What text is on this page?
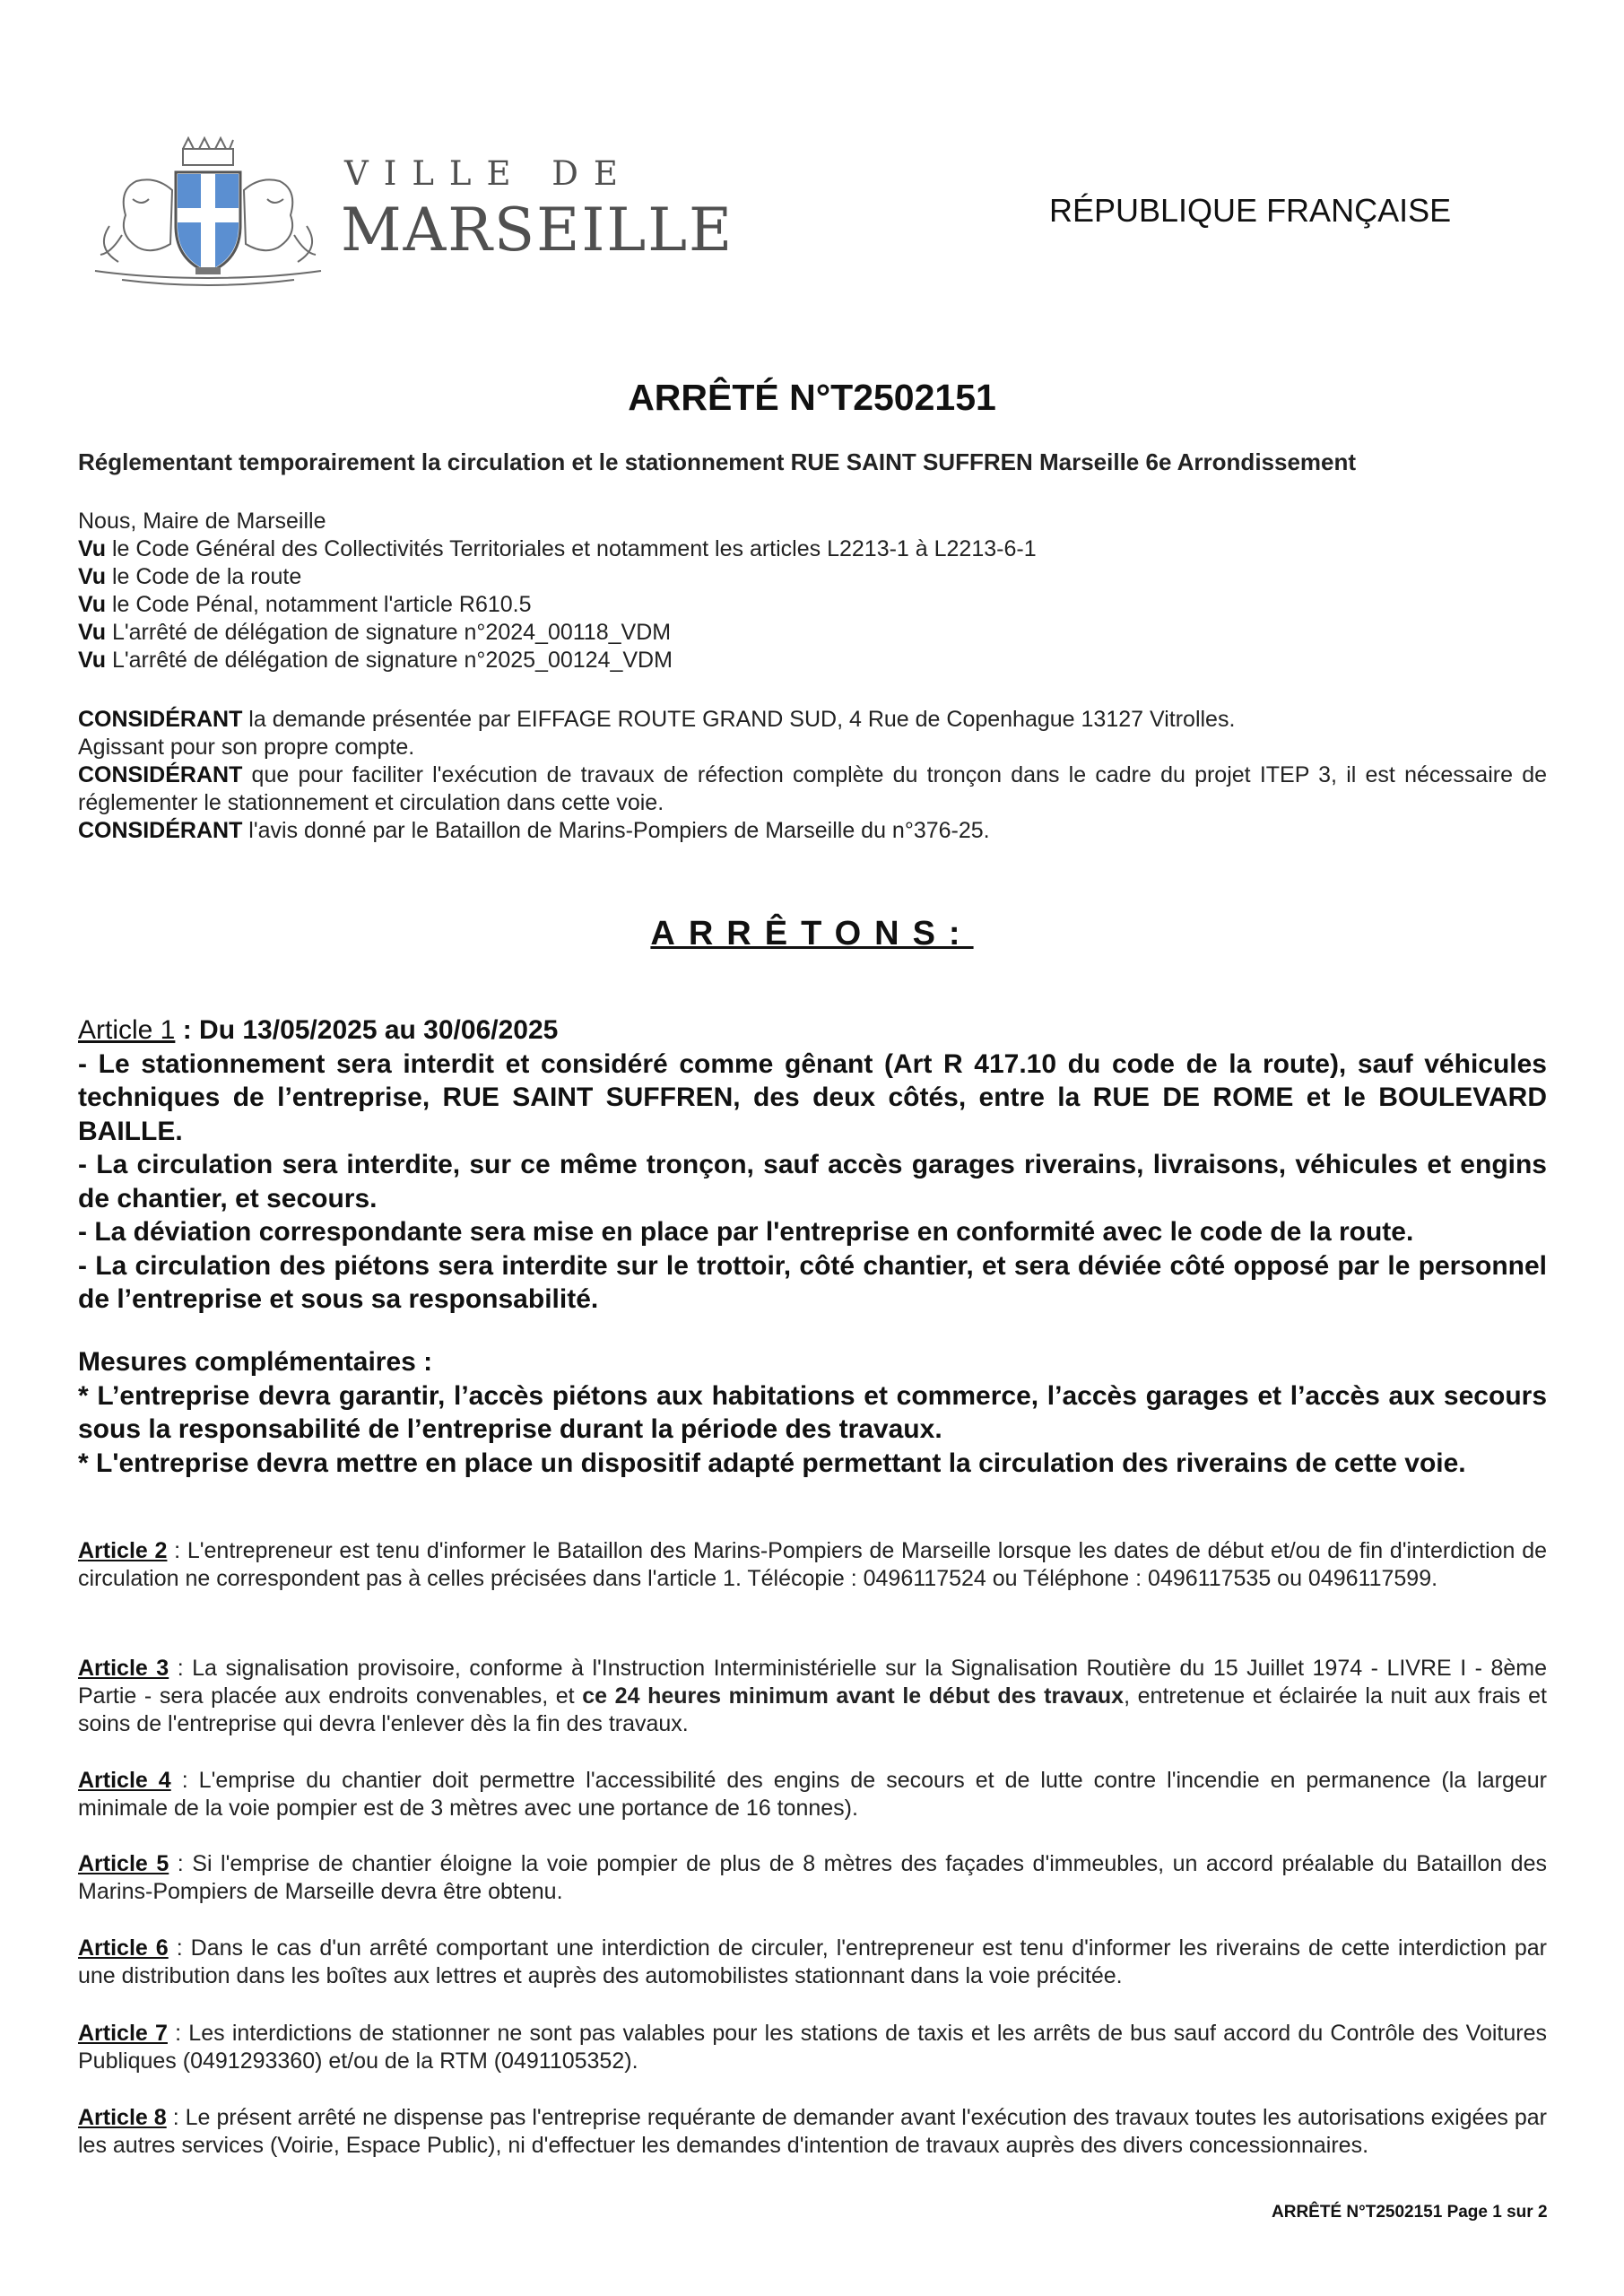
VILLE DE
MARSEILLE	RÉPUBLIQUE FRANÇAISE
ARRÊTÉ N°T2502151
Réglementant temporairement la circulation et le stationnement RUE SAINT SUFFREN Marseille 6e Arrondissement

Nous, Maire de Marseille

Vu le Code Général des Collectivités Territoriales et notamment les articles L2213-1 à L2213-6-1

Vu le Code de la route

Vu le Code Pénal, notamment l'article R610.5

Vu L'arrêté de délégation de signature n°2024_00118_VDM

Vu L'arrêté de délégation de signature n°2025_00124_VDM

CONSIDÉRANT la demande présentée par EIFFAGE ROUTE GRAND SUD, 4 Rue de Copenhague 13127 Vitrolles.

Agissant pour son propre compte.

CONSIDÉRANT que pour faciliter l'exécution de travaux de réfection complète du tronçon dans le cadre du projet ITEP 3, il est nécessaire de réglementer le stationnement et circulation dans cette voie.

CONSIDÉRANT l'avis donné par le Bataillon de Marins-Pompiers de Marseille du n°376-25.

ARRÊTONS:

Article 1 : Du 13/05/2025 au 30/06/2025

- Le stationnement sera interdit et considéré comme gênant (Art R 417.10 du code de la route), sauf véhicules techniques de l’entreprise, RUE SAINT SUFFREN, des deux côtés, entre la RUE DE ROME et le BOULEVARD BAILLE.

- La circulation sera interdite, sur ce même tronçon, sauf accès garages riverains, livraisons, véhicules et engins de chantier, et secours.

- La déviation correspondante sera mise en place par l'entreprise en conformité avec le code de la route.

- La circulation des piétons sera interdite sur le trottoir, côté chantier, et sera déviée côté opposé par le personnel de l’entreprise et sous sa responsabilité.

Mesures complémentaires :

* L’entreprise devra garantir, l’accès piétons aux habitations et commerce, l’accès garages et l’accès aux secours sous la responsabilité de l’entreprise durant la période des travaux.

* L'entreprise devra mettre en place un dispositif adapté permettant la circulation des riverains de cette voie.

Article 2 : L'entrepreneur est tenu d'informer le Bataillon des Marins-Pompiers de Marseille lorsque les dates de début et/ou de fin d'interdiction de circulation ne correspondent pas à celles précisées dans l'article 1. Télécopie : 0496117524 ou Téléphone : 0496117535 ou 0496117599.

Article 3 : La signalisation provisoire, conforme à l'Instruction Interministérielle sur la Signalisation Routière du 15 Juillet 1974 - LIVRE I - 8ème Partie - sera placée aux endroits convenables, et ce 24 heures minimum avant le début des travaux, entretenue et éclairée la nuit aux frais et soins de l'entreprise qui devra l'enlever dès la fin des travaux.

Article 4 : L'emprise du chantier doit permettre l'accessibilité des engins de secours et de lutte contre l'incendie en permanence (la largeur minimale de la voie pompier est de 3 mètres avec une portance de 16 tonnes).

Article 5 : Si l'emprise de chantier éloigne la voie pompier de plus de 8 mètres des façades d'immeubles, un accord préalable du Bataillon des Marins-Pompiers de Marseille devra être obtenu.

Article 6 : Dans le cas d'un arrêté comportant une interdiction de circuler, l'entrepreneur est tenu d'informer les riverains de cette interdiction par une distribution dans les boîtes aux lettres et auprès des automobilistes stationnant dans la voie précitée.

Article 7 : Les interdictions de stationner ne sont pas valables pour les stations de taxis et les arrêts de bus sauf accord du Contrôle des Voitures Publiques (0491293360) et/ou de la RTM (0491105352).

Article 8 : Le présent arrêté ne dispense pas l'entreprise requérante de demander avant l'exécution des travaux toutes les autorisations exigées par les autres services (Voirie, Espace Public), ni d'effectuer les demandes d'intention de travaux auprès des divers concessionnaires.

ARRÊTÉ N°T2502151 Page 1 sur 2
